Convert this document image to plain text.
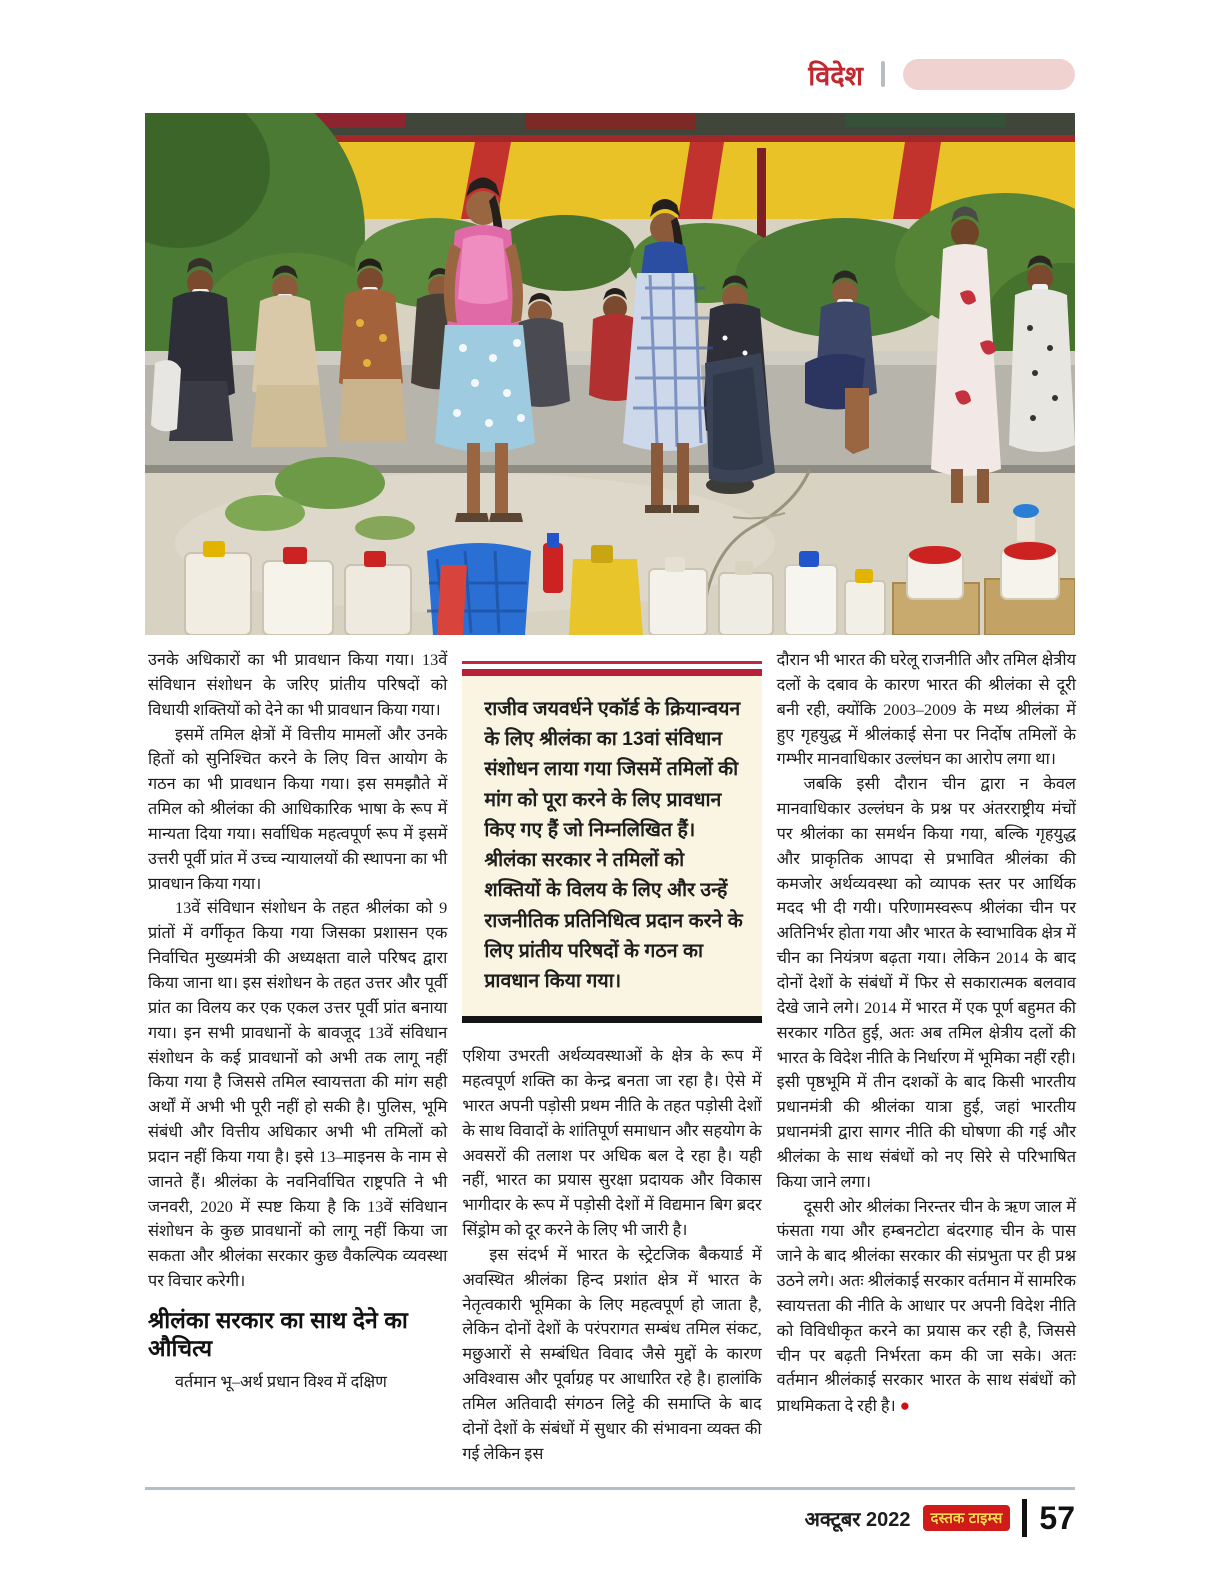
विदेश

उनके अधिकारों का भी प्रावधान किया गया। 13वें संविधान संशोधन के जरिए प्रांतीय परिषदों को विधायी शक्तियों को देने का भी प्रावधान किया गया।

इसमें तमिल क्षेत्रों में वित्तीय मामलों और उनके हितों को सुनिश्चित करने के लिए वित्त आयोग के गठन का भी प्रावधान किया गया। इस समझौते में तमिल को श्रीलंका की आधिकारिक भाषा के रूप में मान्यता दिया गया। सर्वाधिक महत्वपूर्ण रूप में इसमें उत्तरी पूर्वी प्रांत में उच्च न्यायालयों की स्थापना का भी प्रावधान किया गया।

13वें संविधान संशोधन के तहत श्रीलंका को 9 प्रांतों में वर्गीकृत किया गया जिसका प्रशासन एक निर्वाचित मुख्यमंत्री की अध्यक्षता वाले परिषद द्वारा किया जाना था। इस संशोधन के तहत उत्तर और पूर्वी प्रांत का विलय कर एक एकल उत्तर पूर्वी प्रांत बनाया गया। इन सभी प्रावधानों के बावजूद 13वें संविधान संशोधन के कई प्रावधानों को अभी तक लागू नहीं किया गया है जिससे तमिल स्वायत्तता की मांग सही अर्थों में अभी भी पूरी नहीं हो सकी है। पुलिस, भूमि संबंधी और वित्तीय अधिकार अभी भी तमिलों को प्रदान नहीं किया गया है। इसे 13–माइनस के नाम से जानते हैं। श्रीलंका के नवनिर्वाचित राष्ट्रपति ने भी जनवरी, 2020 में स्पष्ट किया है कि 13वें संविधान संशोधन के कुछ प्रावधानों को लागू नहीं किया जा सकता और श्रीलंका सरकार कुछ वैकल्पिक व्यवस्था पर विचार करेगी।

श्रीलंका सरकार का साथ देने का औचित्य

वर्तमान भू–अर्थ प्रधान विश्व में दक्षिण

राजीव जयवर्धने एकॉर्ड के क्रियान्वयन के लिए श्रीलंका का 13वां संविधान संशोधन लाया गया जिसमें तमिलों की मांग को पूरा करने के लिए प्रावधान किए गए हैं जो निम्नलिखित हैं। श्रीलंका सरकार ने तमिलों को शक्तियों के विलय के लिए और उन्हें राजनीतिक प्रतिनिधित्व प्रदान करने के लिए प्रांतीय परिषदों के गठन का प्रावधान किया गया।

एशिया उभरती अर्थव्यवस्थाओं के क्षेत्र के रूप में महत्वपूर्ण शक्ति का केन्द्र बनता जा रहा है। ऐसे में भारत अपनी पड़ोसी प्रथम नीति के तहत पड़ोसी देशों के साथ विवादों के शांतिपूर्ण समाधान और सहयोग के अवसरों की तलाश पर अधिक बल दे रहा है। यही नहीं, भारत का प्रयास सुरक्षा प्रदायक और विकास भागीदार के रूप में पड़ोसी देशों में विद्यमान बिग ब्रदर सिंड्रोम को दूर करने के लिए भी जारी है।

इस संदर्भ में भारत के स्ट्रेटजिक बैकयार्ड में अवस्थित श्रीलंका हिन्द प्रशांत क्षेत्र में भारत के नेतृत्वकारी भूमिका के लिए महत्वपूर्ण हो जाता है, लेकिन दोनों देशों के परंपरागत सम्बंध तमिल संकट, मछुआरों से सम्बंधित विवाद जैसे मुद्दों के कारण अविश्वास और पूर्वाग्रह पर आधारित रहे है। हालांकि तमिल अतिवादी संगठन लिट्टे की समाप्ति के बाद दोनों देशों के संबंधों में सुधार की संभावना व्यक्त की गई लेकिन इस

दौरान भी भारत की घरेलू राजनीति और तमिल क्षेत्रीय दलों के दबाव के कारण भारत की श्रीलंका से दूरी बनी रही, क्योंकि 2003–2009 के मध्य श्रीलंका में हुए गृहयुद्ध में श्रीलंकाई सेना पर निर्दोष तमिलों के गम्भीर मानवाधिकार उल्लंघन का आरोप लगा था।

जबकि इसी दौरान चीन द्वारा न केवल मानवाधिकार उल्लंघन के प्रश्न पर अंतरराष्ट्रीय मंचों पर श्रीलंका का समर्थन किया गया, बल्कि गृहयुद्ध और प्राकृतिक आपदा से प्रभावित श्रीलंका की कमजोर अर्थव्यवस्था को व्यापक स्तर पर आर्थिक मदद भी दी गयी। परिणामस्वरूप श्रीलंका चीन पर अतिनिर्भर होता गया और भारत के स्वाभाविक क्षेत्र में चीन का नियंत्रण बढ़ता गया। लेकिन 2014 के बाद दोनों देशों के संबंधों में फिर से सकारात्मक बलवाव देखे जाने लगे। 2014 में भारत में एक पूर्ण बहुमत की सरकार गठित हुई, अतः अब तमिल क्षेत्रीय दलों की भारत के विदेश नीति के निर्धारण में भूमिका नहीं रही। इसी पृष्ठभूमि में तीन दशकों के बाद किसी भारतीय प्रधानमंत्री की श्रीलंका यात्रा हुई, जहां भारतीय प्रधानमंत्री द्वारा सागर नीति की घोषणा की गई और श्रीलंका के साथ संबंधों को नए सिरे से परिभाषित किया जाने लगा।

दूसरी ओर श्रीलंका निरन्तर चीन के ऋण जाल में फंसता गया और हम्बनटोटा बंदरगाह चीन के पास जाने के बाद श्रीलंका सरकार की संप्रभुता पर ही प्रश्न उठने लगे। अतः श्रीलंकाई सरकार वर्तमान में सामरिक स्वायत्तता की नीति के आधार पर अपनी विदेश नीति को विविधीकृत करने का प्रयास कर रही है, जिससे चीन पर बढ़ती निर्भरता कम की जा सके। अतः वर्तमान श्रीलंकाई सरकार भारत के साथ संबंधों को प्राथमिकता दे रही है। ●

अक्टूबर 2022	दस्तक टाइम्स 57
